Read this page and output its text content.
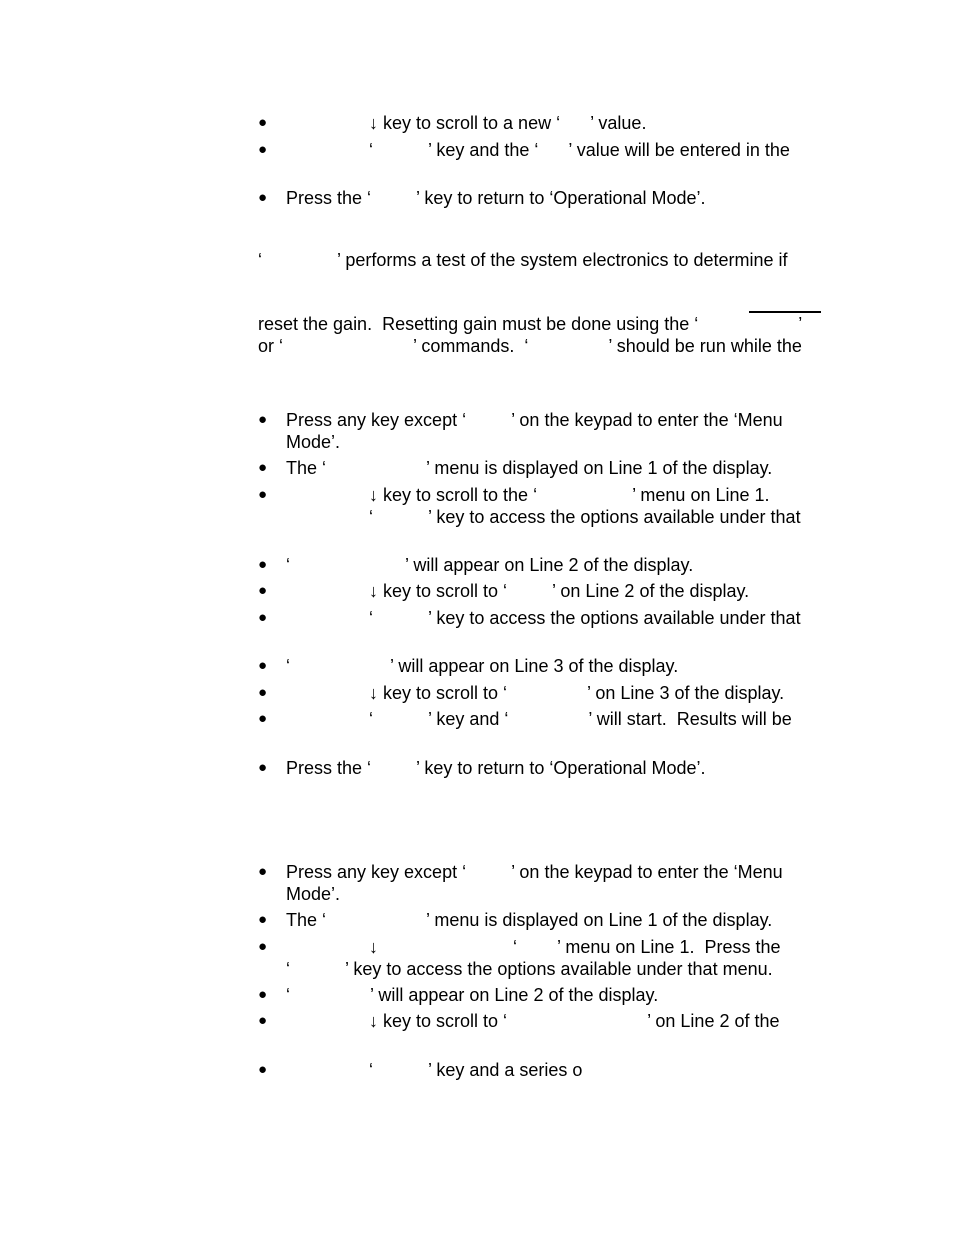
●	↓ key to scroll to a new ‘      ’ value.
●	‘           ’ key and the ‘      ’ value will be entered in the
● Press the ‘         ’ key to return to ‘Operational Mode’.
‘               ’ performs a test of the system electronics to determine if
reset the gain.  Resetting gain must be done using the ‘                    ’
or ‘                          ’ commands.  ‘                ’ should be run while the
● Press any key except ‘         ’ on the keypad to enter the ‘Menu
Mode’.
● The ‘                    ’ menu is displayed on Line 1 of the display.
●	↓ key to scroll to the ‘                   ’ menu on Line 1.
‘           ’ key to access the options available under that
● ‘                       ’ will appear on Line 2 of the display.
●	↓ key to scroll to ‘         ’ on Line 2 of the display.
●	‘           ’ key to access the options available under that
● ‘                    ’ will appear on Line 3 of the display.
●	↓ key to scroll to ‘                ’ on Line 3 of the display.
●	‘           ’ key and ‘                ’ will start.  Results will be
● Press the ‘         ’ key to return to ‘Operational Mode’.
● Press any key except ‘         ’ on the keypad to enter the ‘Menu
Mode’.
● The ‘                    ’ menu is displayed on Line 1 of the display.
●	↓                           ‘        ’ menu on Line 1.  Press the
‘           ’ key to access the options available under that menu.
● ‘                ’ will appear on Line 2 of the display.
●	↓ key to scroll to ‘                            ’ on Line 2 of the
●	‘           ’ key and a series o
